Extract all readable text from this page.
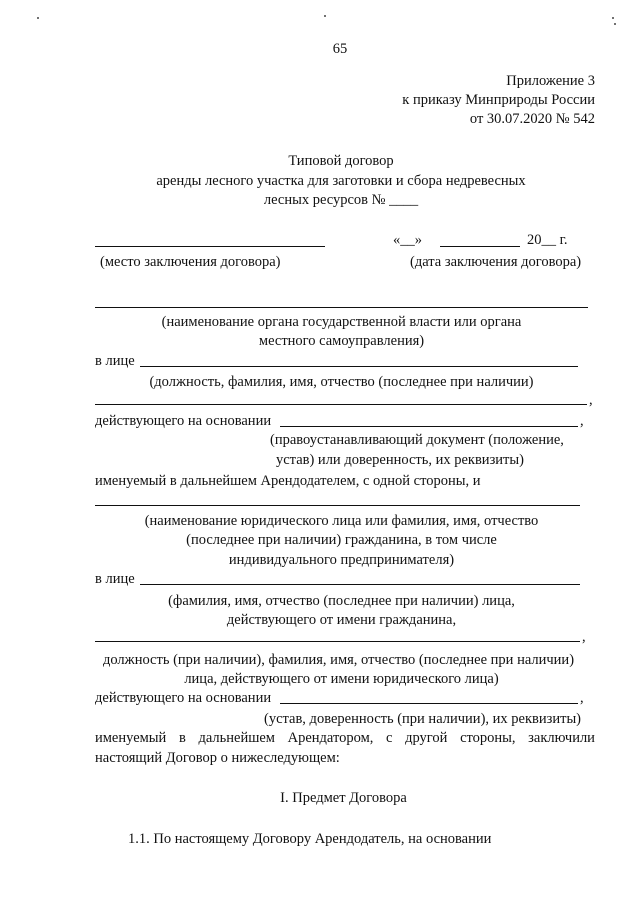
65
Приложение 3
к приказу Минприроды России
от 30.07.2020 № 542
Типовой договор
аренды лесного участка для заготовки и сбора недревесных
лесных ресурсов № ____
«__»	20__ г.
(место заключения договора)	(дата заключения договора)
(наименование органа государственной власти или органа
местного самоуправления)
в лице
(должность, фамилия, имя, отчество (последнее при наличии)
,
действующего на основании	,
(правоустанавливающий документ (положение,
устав) или доверенность, их реквизиты)
именуемый в дальнейшем Арендодателем, с одной стороны, и
(наименование юридического лица или фамилия, имя, отчество
(последнее при наличии) гражданина, в том числе
индивидуального предпринимателя)
в лице
(фамилия, имя, отчество (последнее при наличии) лица,
действующего от имени гражданина,
,
должность (при наличии), фамилия, имя, отчество (последнее при наличии)
лица, действующего от имени юридического лица)
действующего на основании	,
(устав, доверенность (при наличии), их реквизиты)
именуемый в дальнейшем Арендатором, с другой стороны, заключили
настоящий Договор о нижеследующем:
I. Предмет Договора
1.1. По настоящему Договору Арендодатель, на основании
